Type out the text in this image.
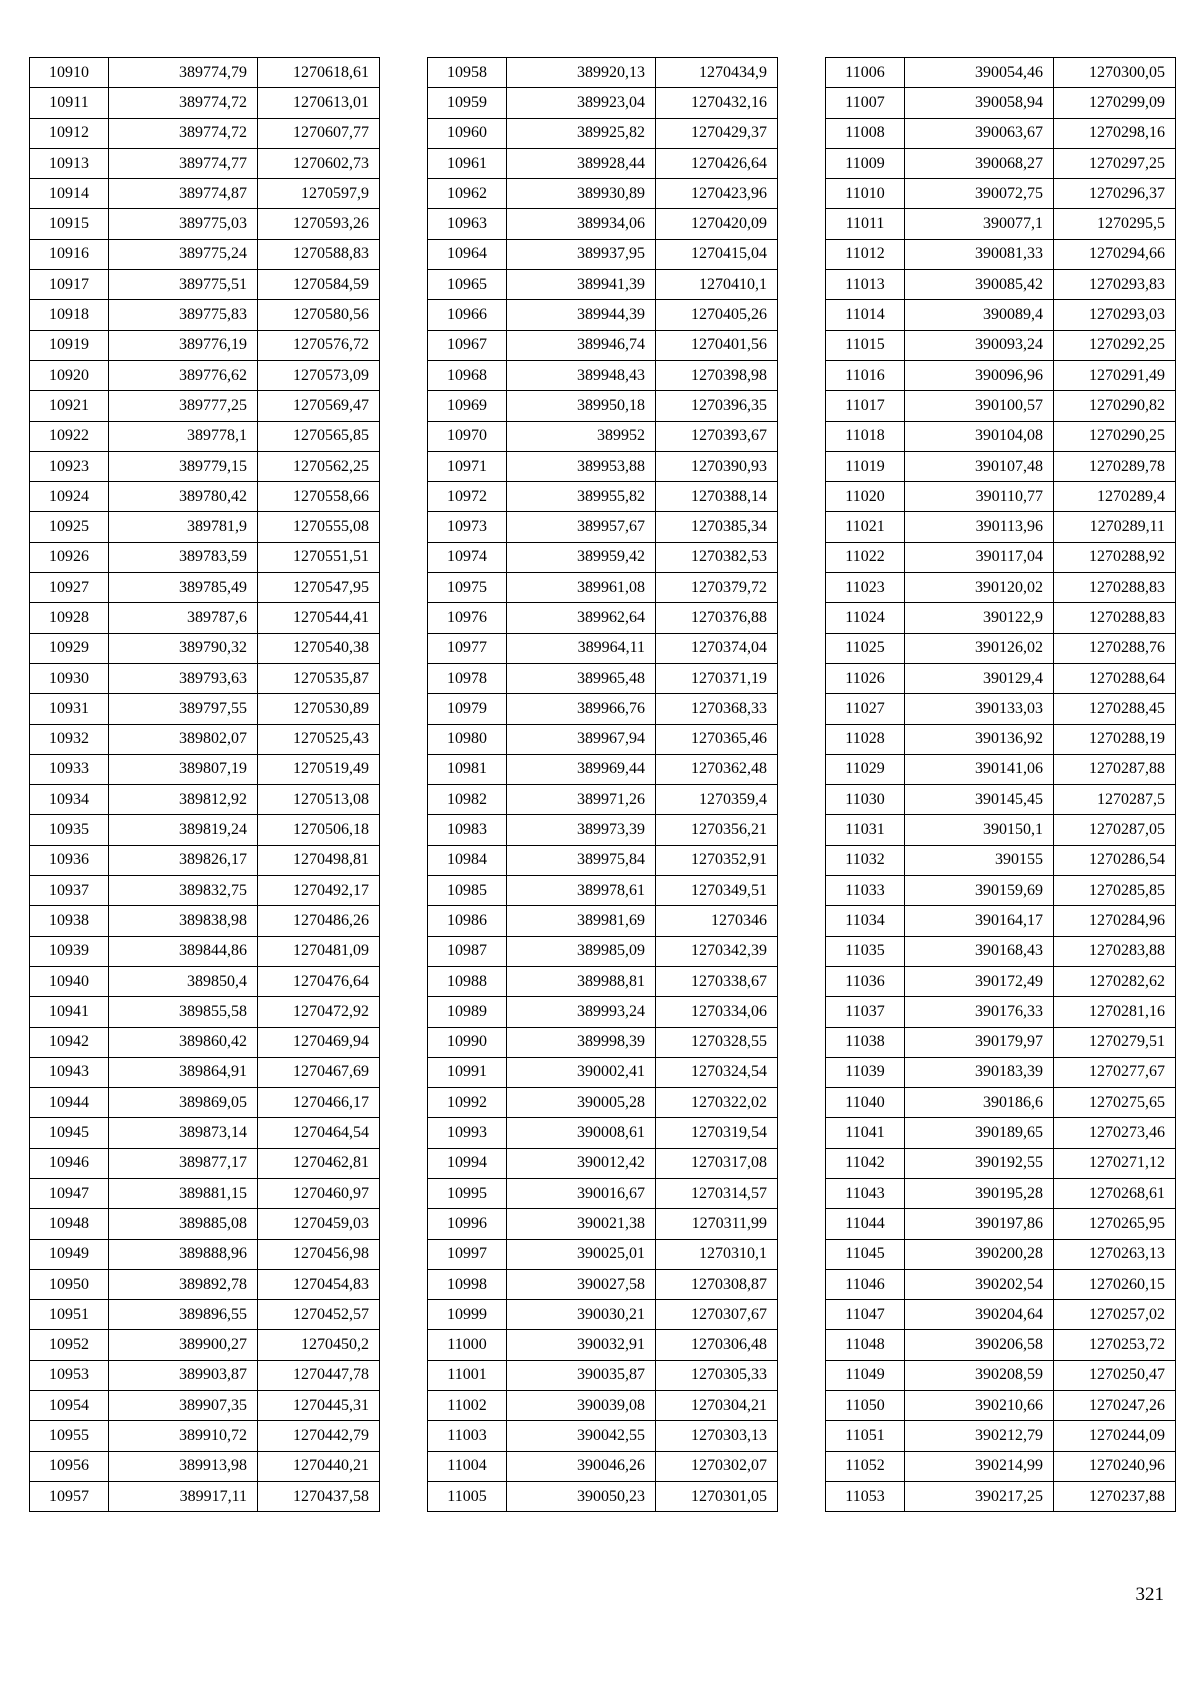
10910	389774,79	1270618,61
10911	389774,72	1270613,01
10912	389774,72	1270607,77
10913	389774,77	1270602,73
10914	389774,87	1270597,9
10915	389775,03	1270593,26
10916	389775,24	1270588,83
10917	389775,51	1270584,59
10918	389775,83	1270580,56
10919	389776,19	1270576,72
10920	389776,62	1270573,09
10921	389777,25	1270569,47
10922	389778,1	1270565,85
10923	389779,15	1270562,25
10924	389780,42	1270558,66
10925	389781,9	1270555,08
10926	389783,59	1270551,51
10927	389785,49	1270547,95
10928	389787,6	1270544,41
10929	389790,32	1270540,38
10930	389793,63	1270535,87
10931	389797,55	1270530,89
10932	389802,07	1270525,43
10933	389807,19	1270519,49
10934	389812,92	1270513,08
10935	389819,24	1270506,18
10936	389826,17	1270498,81
10937	389832,75	1270492,17
10938	389838,98	1270486,26
10939	389844,86	1270481,09
10940	389850,4	1270476,64
10941	389855,58	1270472,92
10942	389860,42	1270469,94
10943	389864,91	1270467,69
10944	389869,05	1270466,17
10945	389873,14	1270464,54
10946	389877,17	1270462,81
10947	389881,15	1270460,97
10948	389885,08	1270459,03
10949	389888,96	1270456,98
10950	389892,78	1270454,83
10951	389896,55	1270452,57
10952	389900,27	1270450,2
10953	389903,87	1270447,78
10954	389907,35	1270445,31
10955	389910,72	1270442,79
10956	389913,98	1270440,21
10957	389917,11	1270437,58
10958	389920,13	1270434,9
10959	389923,04	1270432,16
10960	389925,82	1270429,37
10961	389928,44	1270426,64
10962	389930,89	1270423,96
10963	389934,06	1270420,09
10964	389937,95	1270415,04
10965	389941,39	1270410,1
10966	389944,39	1270405,26
10967	389946,74	1270401,56
10968	389948,43	1270398,98
10969	389950,18	1270396,35
10970	389952	1270393,67
10971	389953,88	1270390,93
10972	389955,82	1270388,14
10973	389957,67	1270385,34
10974	389959,42	1270382,53
10975	389961,08	1270379,72
10976	389962,64	1270376,88
10977	389964,11	1270374,04
10978	389965,48	1270371,19
10979	389966,76	1270368,33
10980	389967,94	1270365,46
10981	389969,44	1270362,48
10982	389971,26	1270359,4
10983	389973,39	1270356,21
10984	389975,84	1270352,91
10985	389978,61	1270349,51
10986	389981,69	1270346
10987	389985,09	1270342,39
10988	389988,81	1270338,67
10989	389993,24	1270334,06
10990	389998,39	1270328,55
10991	390002,41	1270324,54
10992	390005,28	1270322,02
10993	390008,61	1270319,54
10994	390012,42	1270317,08
10995	390016,67	1270314,57
10996	390021,38	1270311,99
10997	390025,01	1270310,1
10998	390027,58	1270308,87
10999	390030,21	1270307,67
11000	390032,91	1270306,48
11001	390035,87	1270305,33
11002	390039,08	1270304,21
11003	390042,55	1270303,13
11004	390046,26	1270302,07
11005	390050,23	1270301,05
11006	390054,46	1270300,05
11007	390058,94	1270299,09
11008	390063,67	1270298,16
11009	390068,27	1270297,25
11010	390072,75	1270296,37
11011	390077,1	1270295,5
11012	390081,33	1270294,66
11013	390085,42	1270293,83
11014	390089,4	1270293,03
11015	390093,24	1270292,25
11016	390096,96	1270291,49
11017	390100,57	1270290,82
11018	390104,08	1270290,25
11019	390107,48	1270289,78
11020	390110,77	1270289,4
11021	390113,96	1270289,11
11022	390117,04	1270288,92
11023	390120,02	1270288,83
11024	390122,9	1270288,83
11025	390126,02	1270288,76
11026	390129,4	1270288,64
11027	390133,03	1270288,45
11028	390136,92	1270288,19
11029	390141,06	1270287,88
11030	390145,45	1270287,5
11031	390150,1	1270287,05
11032	390155	1270286,54
11033	390159,69	1270285,85
11034	390164,17	1270284,96
11035	390168,43	1270283,88
11036	390172,49	1270282,62
11037	390176,33	1270281,16
11038	390179,97	1270279,51
11039	390183,39	1270277,67
11040	390186,6	1270275,65
11041	390189,65	1270273,46
11042	390192,55	1270271,12
11043	390195,28	1270268,61
11044	390197,86	1270265,95
11045	390200,28	1270263,13
11046	390202,54	1270260,15
11047	390204,64	1270257,02
11048	390206,58	1270253,72
11049	390208,59	1270250,47
11050	390210,66	1270247,26
11051	390212,79	1270244,09
11052	390214,99	1270240,96
11053	390217,25	1270237,88
321
